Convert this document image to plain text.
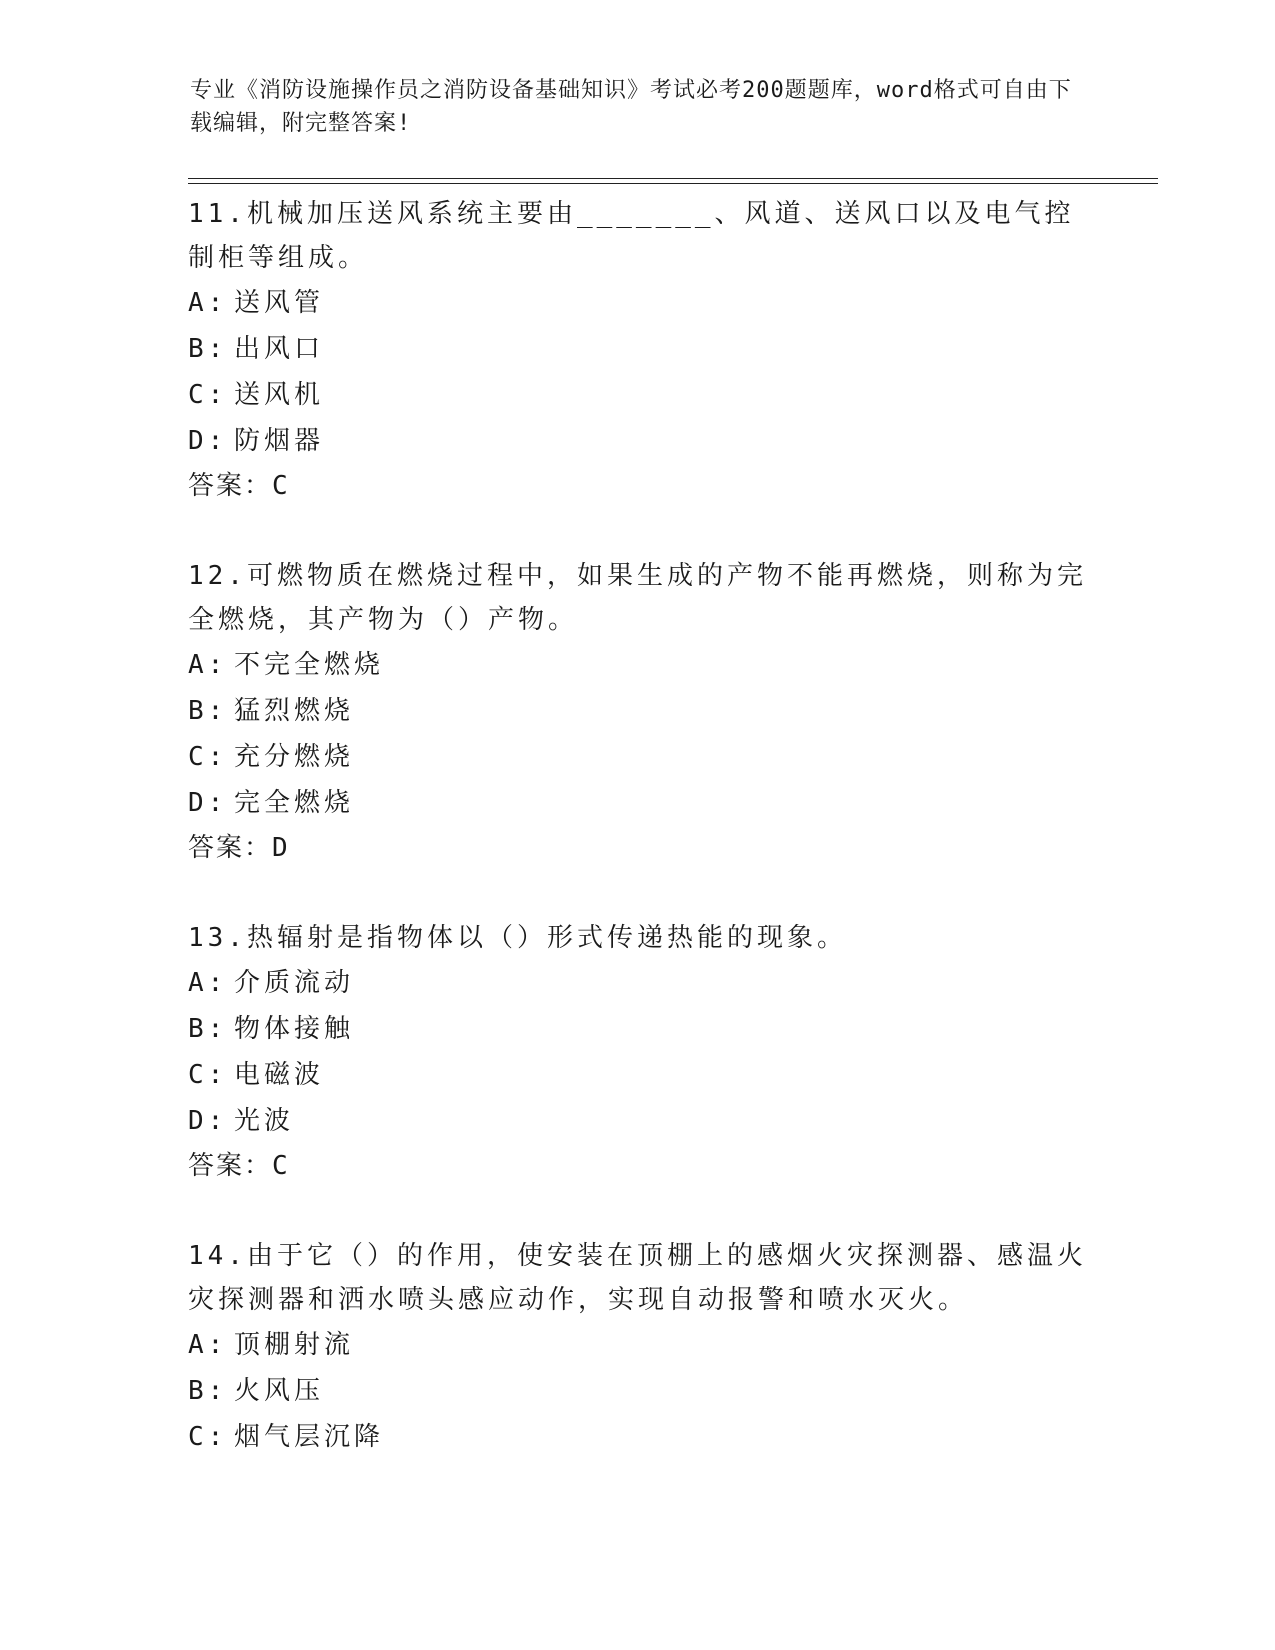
专业《消防设施操作员之消防设备基础知识》考试必考200题题库，word格式可自由下载编辑，附完整答案!

11.机械加压送风系统主要由_______、风道、送风口以及电气控制柜等组成。

A: 送风管
B: 出风口
C: 送风机
D: 防烟器

答案：C

12.可燃物质在燃烧过程中，如果生成的产物不能再燃烧，则称为完全燃烧，其产物为（）产物。

A: 不完全燃烧
B: 猛烈燃烧
C: 充分燃烧
D: 完全燃烧

答案：D

13.热辐射是指物体以（）形式传递热能的现象。

A: 介质流动
B: 物体接触
C: 电磁波
D: 光波

答案：C

14.由于它（）的作用，使安装在顶棚上的感烟火灾探测器、感温火灾探测器和洒水喷头感应动作，实现自动报警和喷水灭火。

A: 顶棚射流
B: 火风压
C: 烟气层沉降
